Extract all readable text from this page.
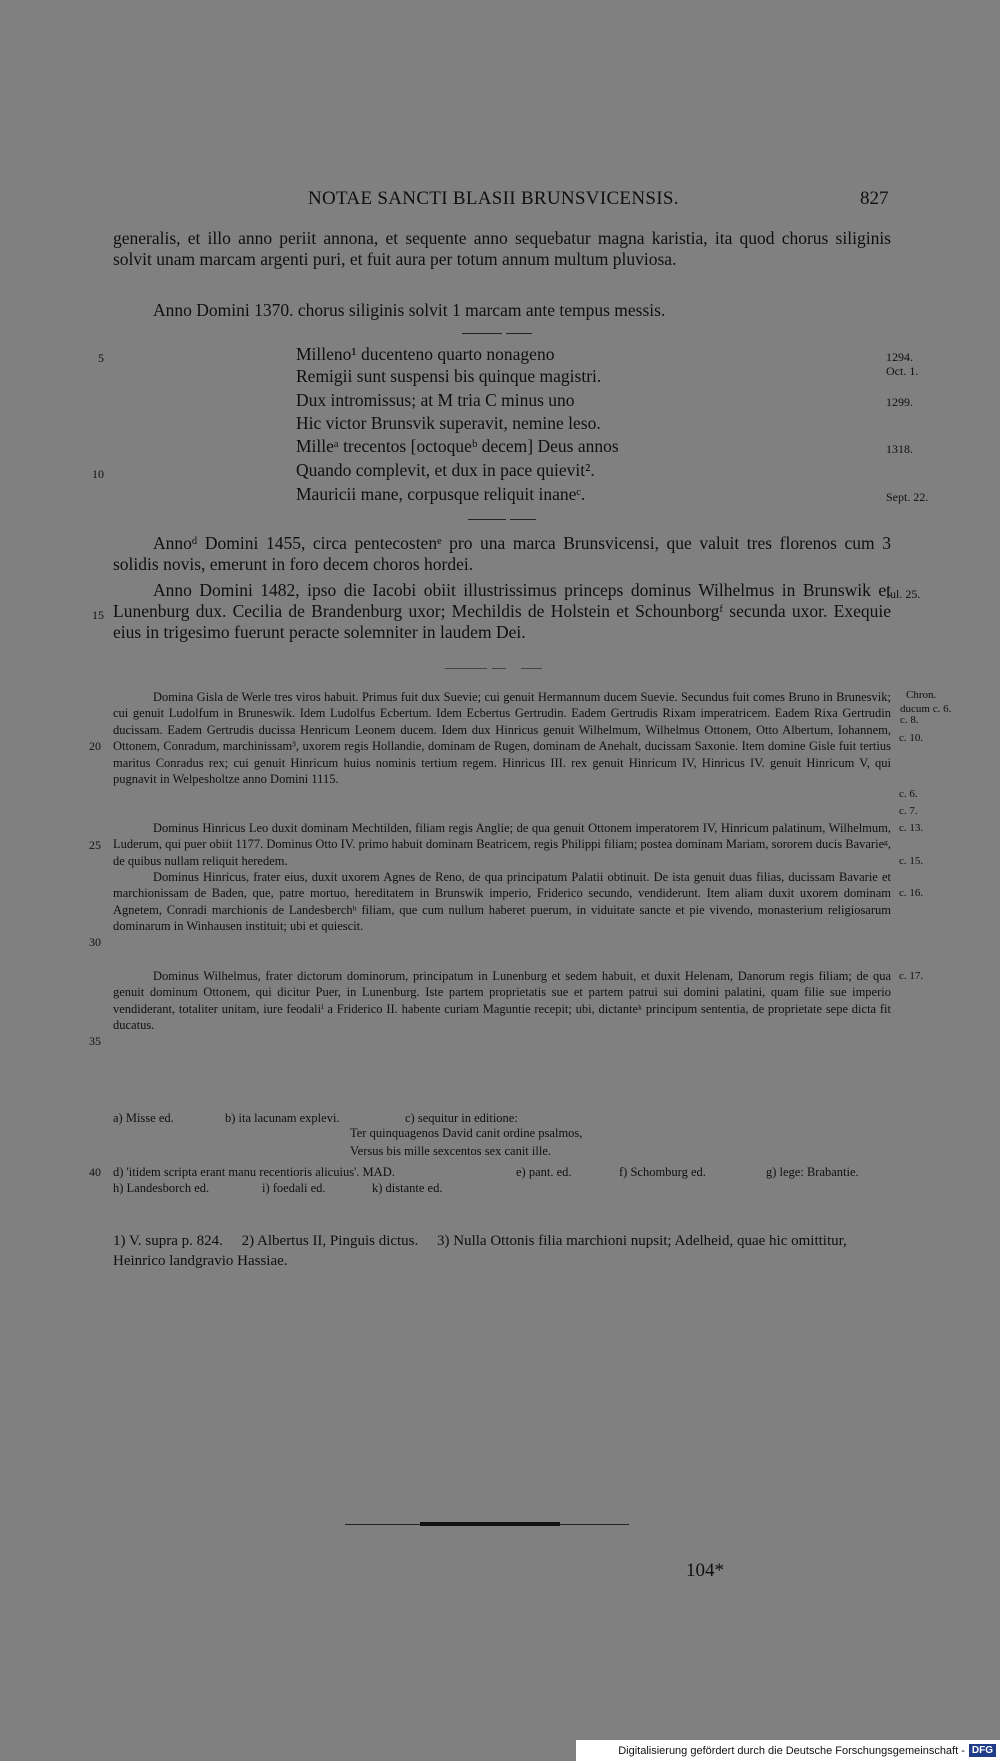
NOTAE SANCTI BLASII BRUNSVICENSIS.	827
generalis, et illo anno periit annona, et sequente anno sequebatur magna karistia, ita quod chorus siliginis solvit unam marcam argenti puri, et fuit aura per totum annum multum pluviosa.
Anno Domini 1370. chorus siliginis solvit 1 marcam ante tempus messis.
Milleno¹ ducenteno quarto nonageno
Remigii sunt suspensi bis quinque magistri.
Dux intromissus; at M tria C minus uno
Hic victor Brunsvik superavit, nemine leso.
Milleᵃ trecentos [octoqueᵇ decem] Deus annos
Quando complevit, et dux in pace quievit².
Mauricii mane, corpusque reliquit inaneᶜ.
1294.
Oct. 1.
1299.
1318.
Sept. 22.
Annoᵈ Domini 1455, circa pentecostenᵉ pro una marca Brunsvicensi, que valuit tres florenos cum 3 solidis novis, emerunt in foro decem choros hordei.
Anno Domini 1482, ipso die Iacobi obiit illustrissimus princeps dominus Wilhelmus in Brunswik et Lunenburg dux. Cecilia de Brandenburg uxor; Mechildis de Holstein et Schounborgᶠ secunda uxor. Exequie eius in trigesimo fuerunt peracte solemniter in laudem Dei.
Iul. 25.
Domina Gisla de Werle tres viros habuit. Primus fuit dux Suevie; cui genuit Hermannum ducem Suevie. Secundus fuit comes Bruno in Brunesvik; cui genuit Ludolfum in Bruneswik. Idem Ludolfus Ecbertum. Idem Ecbertus Gertrudin. Eadem Gertrudis Rixam imperatricem. Eadem Rixa Gertrudin ducissam. Eadem Gertrudis ducissa Henricum Leonem ducem. Idem dux Hinricus genuit Wilhelmum, Wilhelmus Ottonem, Otto Albertum, Iohannem, Ottonem, Conradum, marchinissam³, uxorem regis Hollandie, dominam de Rugen, dominam de Anehalt, ducissam Saxonie. Item domine Gisle fuit tertius maritus Conradus rex; cui genuit Hinricum huius nominis tertium regem. Hinricus III. rex genuit Hinricum IV, Hinricus IV. genuit Hinricum V, qui pugnavit in Welpesholtze anno Domini 1115.
Dominus Hinricus Leo duxit dominam Mechtilden, filiam regis Anglie; de qua genuit Ottonem imperatorem IV, Hinricum palatinum, Wilhelmum, Luderum, qui puer obiit 1177. Dominus Otto IV. primo habuit dominam Beatricem, regis Philippi filiam; postea dominam Mariam, sororem ducis Bavarieᵍ, de quibus nullam reliquit heredem.
Dominus Hinricus, frater eius, duxit uxorem Agnes de Reno, de qua principatum Palatii obtinuit. De ista genuit duas filias, ducissam Bavarie et marchionissam de Baden, que, patre mortuo, hereditatem in Brunswik imperio, Friderico secundo, vendiderunt. Item aliam duxit uxorem dominam Agnetem, Conradi marchionis de Landesberchʰ filiam, que cum nullum haberet puerum, in viduitate sancte et pie vivendo, monasterium religiosarum dominarum in Winhausen instituit; ubi et quiescit.
Dominus Wilhelmus, frater dictorum dominorum, principatum in Lunenburg et sedem habuit, et duxit Helenam, Danorum regis filiam; de qua genuit dominum Ottonem, qui dicitur Puer, in Lunenburg. Iste partem proprietatis sue et partem patrui sui domini palatini, quam filie sue imperio vendiderant, totaliter unitam, iure feodaliⁱ a Friderico II. habente curiam Maguntie recepit; ubi, dictanteᵏ principum sententia, de proprietate sepe dicta fit ducatus.
Chron.
ducum c. 6.
c. 8.
c. 10.
c. 6.
c. 7.
c. 13.
c. 15.
c. 16.
c. 17.
5
10
15
20
25
30
35
40
a) Misse ed.	b) ita lacunam explevi.	c) sequitur in editione:
Ter quinquagenos David canit ordine psalmos,
Versus bis mille sexcentos sex canit ille.
d) 'itidem scripta erant manu recentioris alicuius'. MAD.	e) pant. ed.	f) Schomburg ed.	g) lege: Brabantie.
h) Landesborch ed.	i) foedali ed.	k) distante ed.
1) V. supra p. 824.     2) Albertus II, Pinguis dictus.     3) Nulla Ottonis filia marchioni nupsit; Adelheid, quae hic omittitur, Heinrico landgravio Hassiae.
104*
Digitalisierung gefördert durch die Deutsche Forschungsgemeinschaft - DFG
